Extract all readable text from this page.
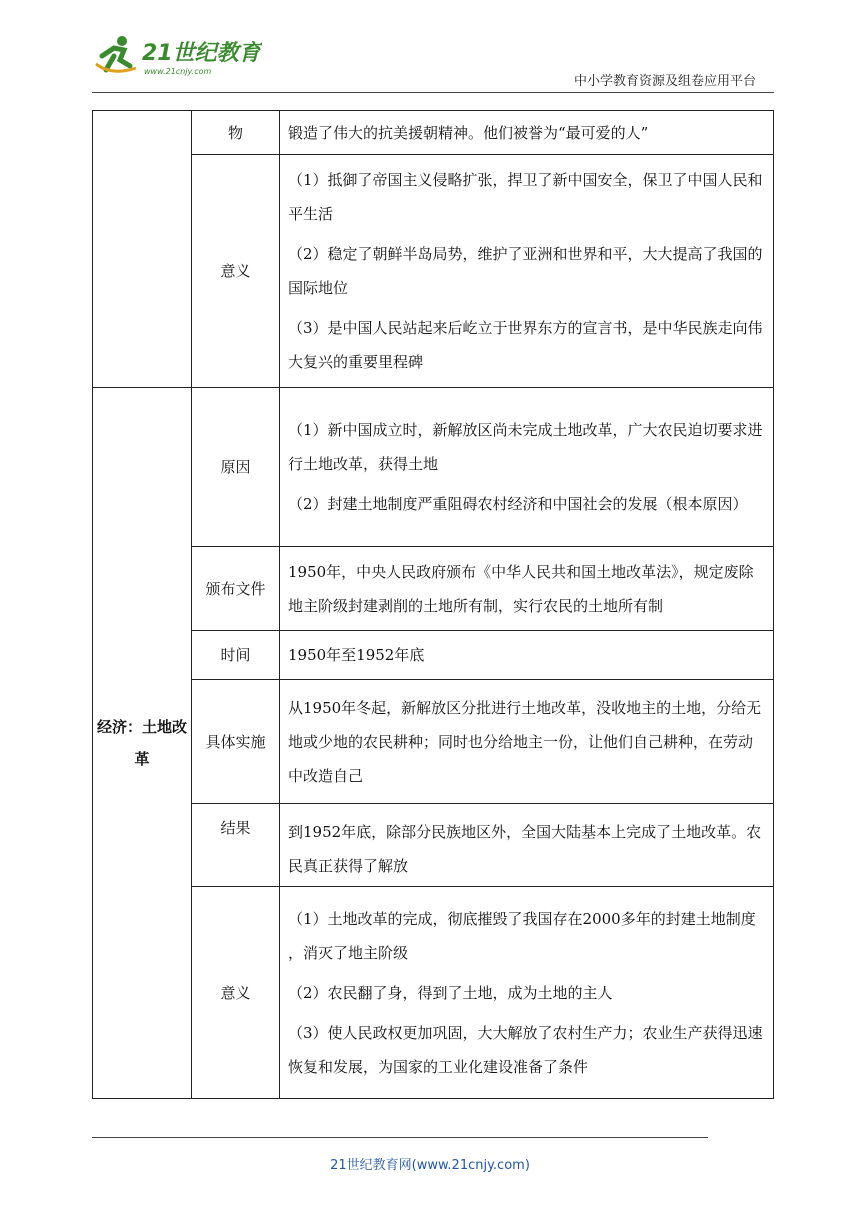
21世纪教育
www.21cnjy.com
中小学教育资源及组卷应用平台
	物	锻造了伟大的抗美援朝精神。他们被誉为“最可爱的人”

	意义	（1）抵御了帝国主义侵略扩张，捍卫了新中国安全，保卫了中国人民和平生活

（2）稳定了朝鲜半岛局势，维护了亚洲和世界和平，大大提高了我国的国际地位

（3）是中国人民站起来后屹立于世界东方的宣言书，是中华民族走向伟大复兴的重要里程碑

经济：土地改革	原因	（1）新中国成立时，新解放区尚未完成土地改革，广大农民迫切要求进行土地改革，获得土地

（2）封建土地制度严重阻碍农村经济和中国社会的发展（根本原因）

	颁布文件	1950年，中央人民政府颁布《中华人民共和国土地改革法》，规定废除地主阶级封建剥削的土地所有制，实行农民的土地所有制

	时间	1950年至1952年底

	具体实施	从1950年冬起，新解放区分批进行土地改革，没收地主的土地，分给无地或少地的农民耕种；同时也分给地主一份，让他们自己耕种，在劳动中改造自己

	结果	到1952年底，除部分民族地区外，全国大陆基本上完成了土地改革。农民真正获得了解放

	意义	（1）土地改革的完成，彻底摧毁了我国存在2000多年的封建土地制度 ，消灭了地主阶级

（2）农民翻了身，得到了土地，成为土地的主人

（3）使人民政权更加巩固，大大解放了农村生产力；农业生产获得迅速恢复和发展，为国家的工业化建设准备了条件

21世纪教育网(www.21cnjy.com)
